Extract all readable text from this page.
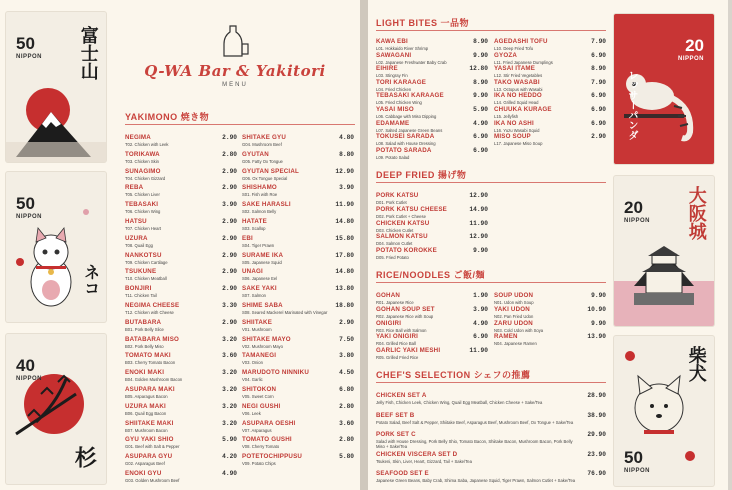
50
NIPPON 富士山
50
NIPPON
ネコ
40
NIPPON
杉
Q-WA Bar & Yakitori
MENU
YAKIMONO 焼き物
NEGIMA	2.90
T02. Chicken with Leek
TORIKAWA	2.80
T03. Chicken Skin
SUNAGIMO	2.90
T04. Chicken Gizzard
REBA	2.90
T05. Chicken Liver
TEBASAKI	3.90
T06. Chicken Wing
HATSU	2.90
T07. Chicken Heart
UZURA	2.90
T08. Quail Egg
NANKOTSU	2.90
T09. Chicken Cartilage
TSUKUNE	2.90
T10. Chicken Meatball
BONJIRI	2.90
T11. Chicken Tail
NEGIMA CHEESE	3.30
T12. Chicken with Cheese
BUTABARA	2.90
B01. Pork Belly Slice
BATABARA MISO	3.20
B02. Pork Belly Miso
TOMATO MAKI	3.60
B03. Cherry Tomato Bacon
ENOKI MAKI	3.20
B04. Golden Mushroom Bacon
ASUPARA MAKI	3.20
B05. Asparagus Bacon
UZURA MAKI	3.20
B06. Quail Egg Bacon
SHIITAKE MAKI	3.20
B07. Mushroom Bacon
GYU YAKI SHIO	5.90
G01. Beef with Salt & Pepper
ASUPARA GYU	4.20
G02. Asparagus Beef
ENOKI GYU	4.90
G03. Golden Mushroom Beef
SHITAKE GYU	4.80
G04. Mushroom Beef
GYUTAN	8.80
G05. Fatty Ox Tongue
GYUTAN SPECIAL	12.90
G06. Ox Tongue Special
SHISHAMO	3.90
S01. Fish with Roe
SAKE HARASLI	11.90
S02. Salmon Belly
HATATE	14.80
S03. Scallop
EBI	15.80
S04. Tiger Prawn
SURAME IKA	17.80
S05. Japanese Squid
UNAGI	14.80
S06. Japanese Eel
SAKE YAKI	13.80
S07. Salmon
SHIME SABA	18.80
S08. Seared Mackerel Marinated with Vinegar
SHIITAKE	2.90
V01. Mushroom
SHITAKE MAYO	7.50
V02. Mushroom Mayo
TAMANEGI	3.80
V03. Onion
MARUDOTO NINNIKU	4.50
V04. Garlic
SHITOKON	6.80
V05. Sweet Corn
NEGI GUSHI	2.80
V06. Leek
ASUPARA OESHI	3.60
V07. Asparagus
TOMATO GUSHI	2.80
V08. Cherry Tomato
POTETOCHIPPUSU	5.80
V09. Potato Chips
LIGHT BITES 一品物
KAWA EBI	8.90
L01. Hokkaido River Shrimp
SAWAGANI	9.90
L02. Japanese Freshwater Baby Crab
EIHIRE	12.80
L03. Stingray Fin
TORI KARAAGE	8.90
L04. Fried Chicken
TEBASAKI KARAAGE	9.90
L05. Fried Chicken Wing
YASAI MISO	5.90
L06. Cabbage with Miso Dipping
EDAMAME	4.90
L07. Salted Japanese Green Beans
TOKUSEI SARADA	6.90
L08. Salad with House Dressing
POTATO SARADA	6.90
L09. Potato Salad
AGEDASHI TOFU	7.90
L10. Deep Fried Tofu
GYOZA	6.90
L11. Fried Japanese Dumplings
YASAI ITAME	8.90
L12. Stir Fried Vegetables
TAKO WASABI	7.90
L13. Octopus with Wasabi
IKA NO HEDDO	6.90
L14. Grilled Squid Head
CHUUKA KURAGE	6.90
L15. Jellyfish
IKA NO ASHI	6.90
L16. Yuzu Wasabi Squid
MISO SOUP	2.90
L17. Japanese Miso Soup
DEEP FRIED 揚げ物
PORK KATSU	12.90
D01. Pork Cutlet
PORK KATSU CHEESE	14.90
D02. Pork Cutlet + Cheese
CHICKEN KATSU	11.90
D03. Chicken Cutlet
SALMON KATSU	12.90
D04. Salmon Cutlet
POTATO KOROKKE	9.90
D05. Fried Potato
RICE/NOODLES ご飯/麺
GOHAN	1.90
R01. Japanese Rice
GOHAN SOUP SET	3.90
R02. Japanese Rice with Soup
ONIGIRI	4.90
R03. Rice Ball with Salmon
YAKI ONIGIRI	6.90
R04. Grilled Rice Ball
GARLIC YAKI MESHI	11.90
R05. Grilled Fried Rice
SOUP UDON	9.90
N01. Udon with Soup
YAKI UDON	10.90
N02. Pan Fried Udon
ZARU UDON	9.90
N03. Cold Udon with Soya
RAMEN	13.90
N04. Japanese Ramen
CHEF'S SELECTION シェフの推薦
CHICKEN SET A	28.90
Jelly Fish, Chicken Leek, Chicken Wing, Quail Egg Meatball, Chicken Cheese + Sake/Tea
BEEF SET B	38.90
Potato Salad, Beef Salt & Pepper, Shiitake Beef, Asparagus Beef, Mushroom Beef, Ox Tongue + Sake/Tea
PORK SET C	29.90
Salad with House Dressing, Pork Belly Shio, Tomato Bacon, Shiitake Bacon, Mushroom Bacon, Pork Belly Miso + Sake/Tea
CHICKEN VISCERA SET D	23.90
Tsukeni, Skin, Liver, Heart, Gizzard, Tail + Sake/Tea
SEAFOOD SET E	76.90
Japanese Green Beans, Baby Crab, Shima Saba, Japanese Squid, Tiger Prawn, Salmon Cutlet + Sake/Tea
20
NIPPON
レッサーパンダ
20
NIPPON 大阪城
50
NIPPON
柴犬
